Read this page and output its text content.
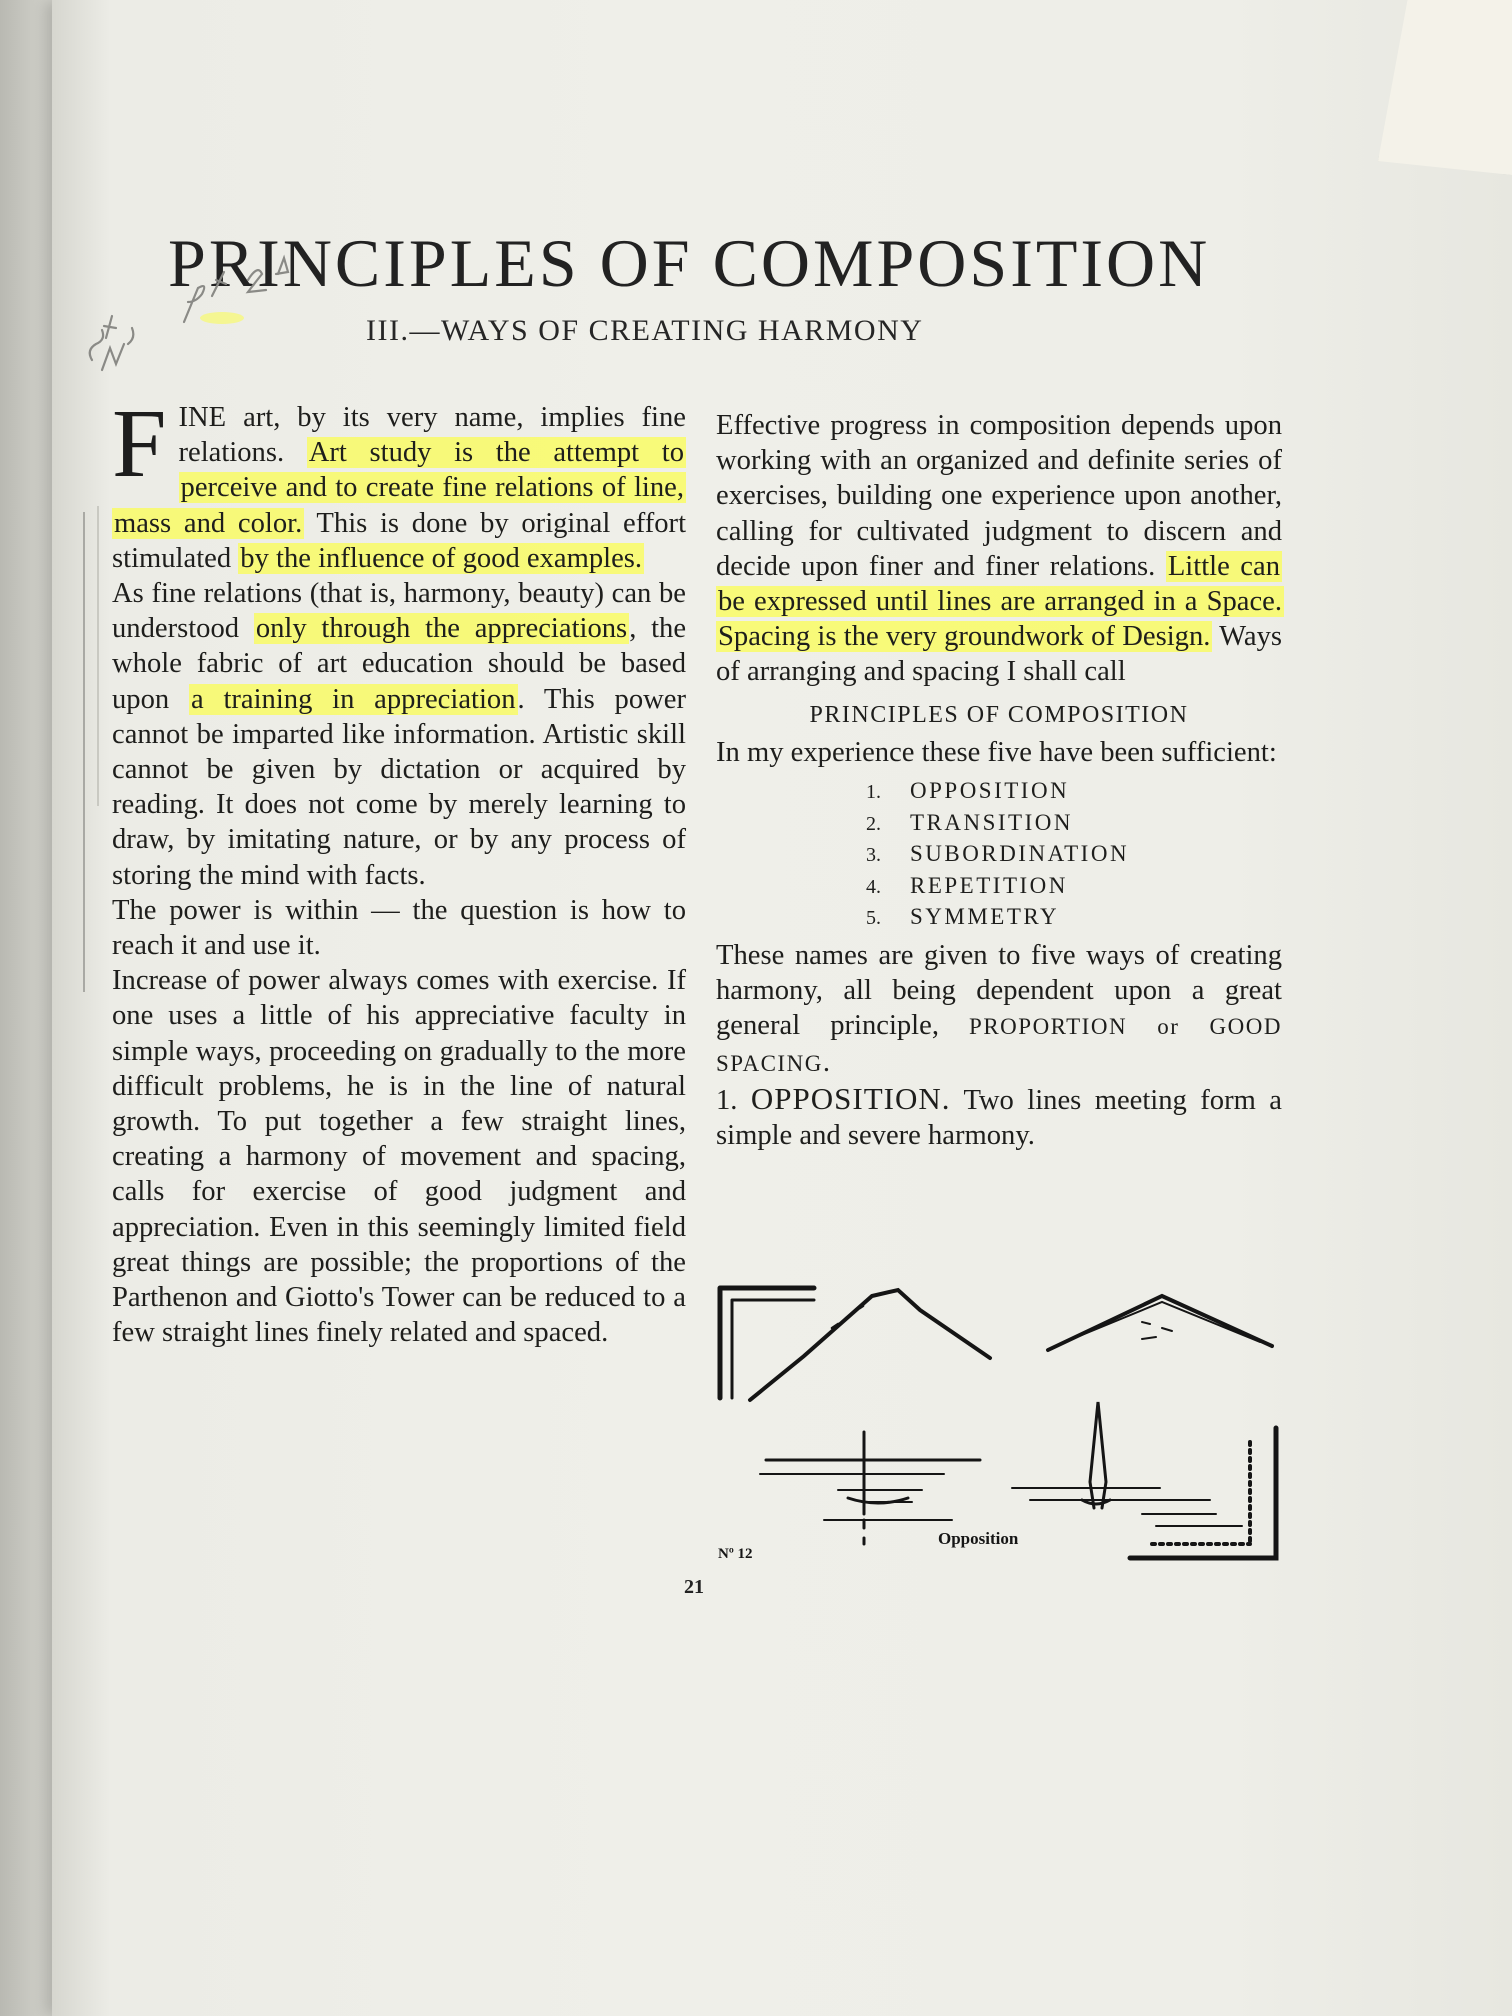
PRINCIPLES OF COMPOSITION
III.—WAYS OF CREATING HARMONY

FINE art, by its very name, implies fine relations. Art study is the attempt to perceive and to create fine relations of line, mass and color. This is done by original effort stimulated by the influence of good examples.

As fine relations (that is, harmony, beauty) can be understood only through the appreciations, the whole fabric of art education should be based upon a training in appreciation. This power cannot be imparted like information. Artistic skill cannot be given by dictation or acquired by reading. It does not come by merely learning to draw, by imitating nature, or by any process of storing the mind with facts.

The power is within — the question is how to reach it and use it.

Increase of power always comes with exercise. If one uses a little of his appreciative faculty in simple ways, proceeding on gradually to the more difficult problems, he is in the line of natural growth. To put together a few straight lines, creating a harmony of movement and spacing, calls for exercise of good judgment and appreciation. Even in this seemingly limited field great things are possible; the proportions of the Parthenon and Giotto's Tower can be reduced to a few straight lines finely related and spaced.

Effective progress in composition depends upon working with an organized and definite series of exercises, building one experience upon another, calling for cultivated judgment to discern and decide upon finer and finer relations. Little can be expressed until lines are arranged in a Space. Spacing is the very groundwork of Design. Ways of arranging and spacing I shall call

PRINCIPLES OF COMPOSITION

In my experience these five have been sufficient:

1. OPPOSITION
2. TRANSITION
3. SUBORDINATION
4. REPETITION
5. SYMMETRY

These names are given to five ways of creating harmony, all being dependent upon a great general principle, PROPORTION or GOOD SPACING.

1. OPPOSITION. Two lines meeting form a simple and severe harmony.

Nº 12
Opposition
21
